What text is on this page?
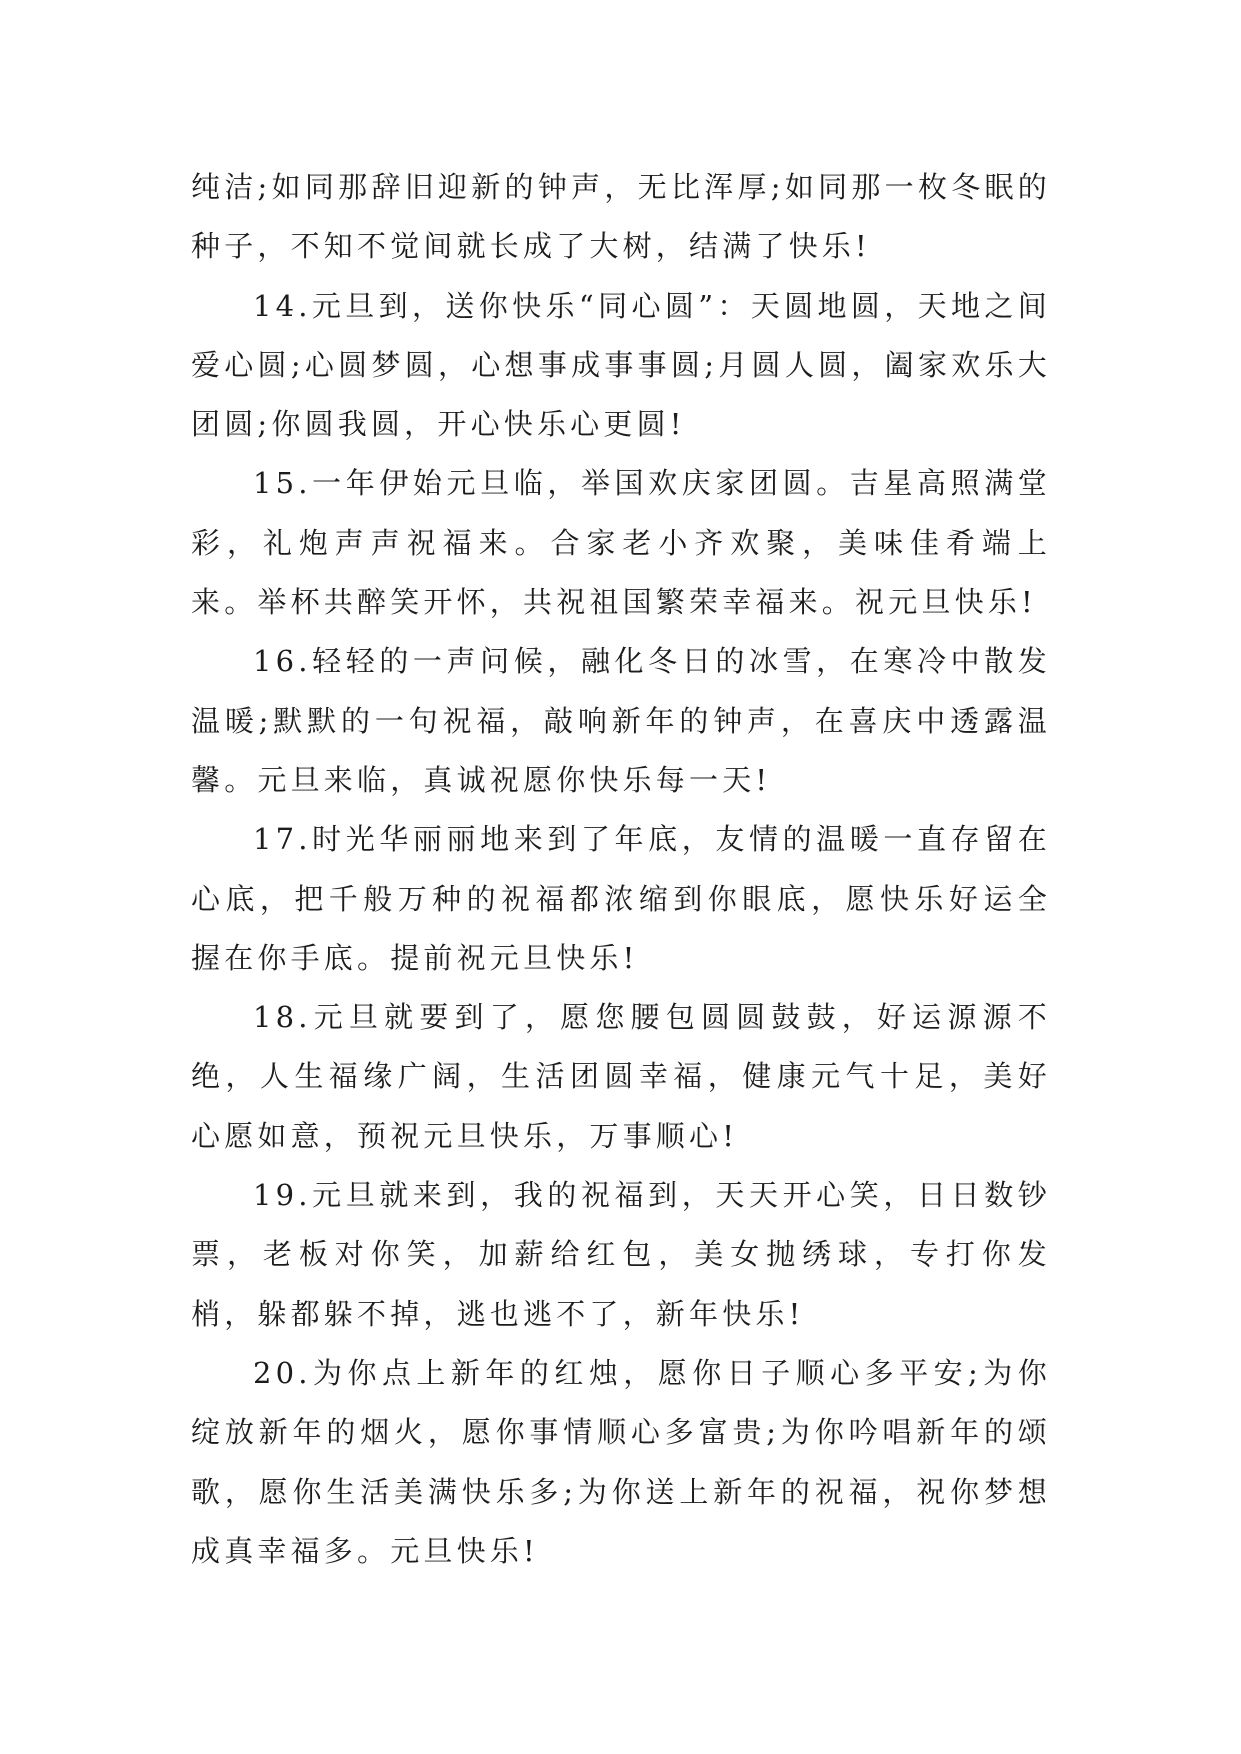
纯洁;如同那辞旧迎新的钟声，无比浑厚;如同那一枚冬眠的种子，不知不觉间就长成了大树，结满了快乐!

14.元旦到，送你快乐“同心圆”：天圆地圆，天地之间爱心圆;心圆梦圆，心想事成事事圆;月圆人圆，阖家欢乐大团圆;你圆我圆，开心快乐心更圆!

15.一年伊始元旦临，举国欢庆家团圆。吉星高照满堂彩，礼炮声声祝福来。合家老小齐欢聚，美味佳肴端上来。举杯共醉笑开怀，共祝祖国繁荣幸福来。祝元旦快乐!

16.轻轻的一声问候，融化冬日的冰雪，在寒冷中散发温暖;默默的一句祝福，敲响新年的钟声，在喜庆中透露温馨。元旦来临，真诚祝愿你快乐每一天!

17.时光华丽丽地来到了年底，友情的温暖一直存留在心底，把千般万种的祝福都浓缩到你眼底，愿快乐好运全握在你手底。提前祝元旦快乐!

18.元旦就要到了，愿您腰包圆圆鼓鼓，好运源源不绝，人生福缘广阔，生活团圆幸福，健康元气十足，美好心愿如意，预祝元旦快乐，万事顺心!

19.元旦就来到，我的祝福到，天天开心笑，日日数钞票，老板对你笑，加薪给红包，美女抛绣球，专打你发梢，躲都躲不掉，逃也逃不了，新年快乐!

20.为你点上新年的红烛，愿你日子顺心多平安;为你绽放新年的烟火，愿你事情顺心多富贵;为你吟唱新年的颂歌，愿你生活美满快乐多;为你送上新年的祝福，祝你梦想成真幸福多。元旦快乐!
